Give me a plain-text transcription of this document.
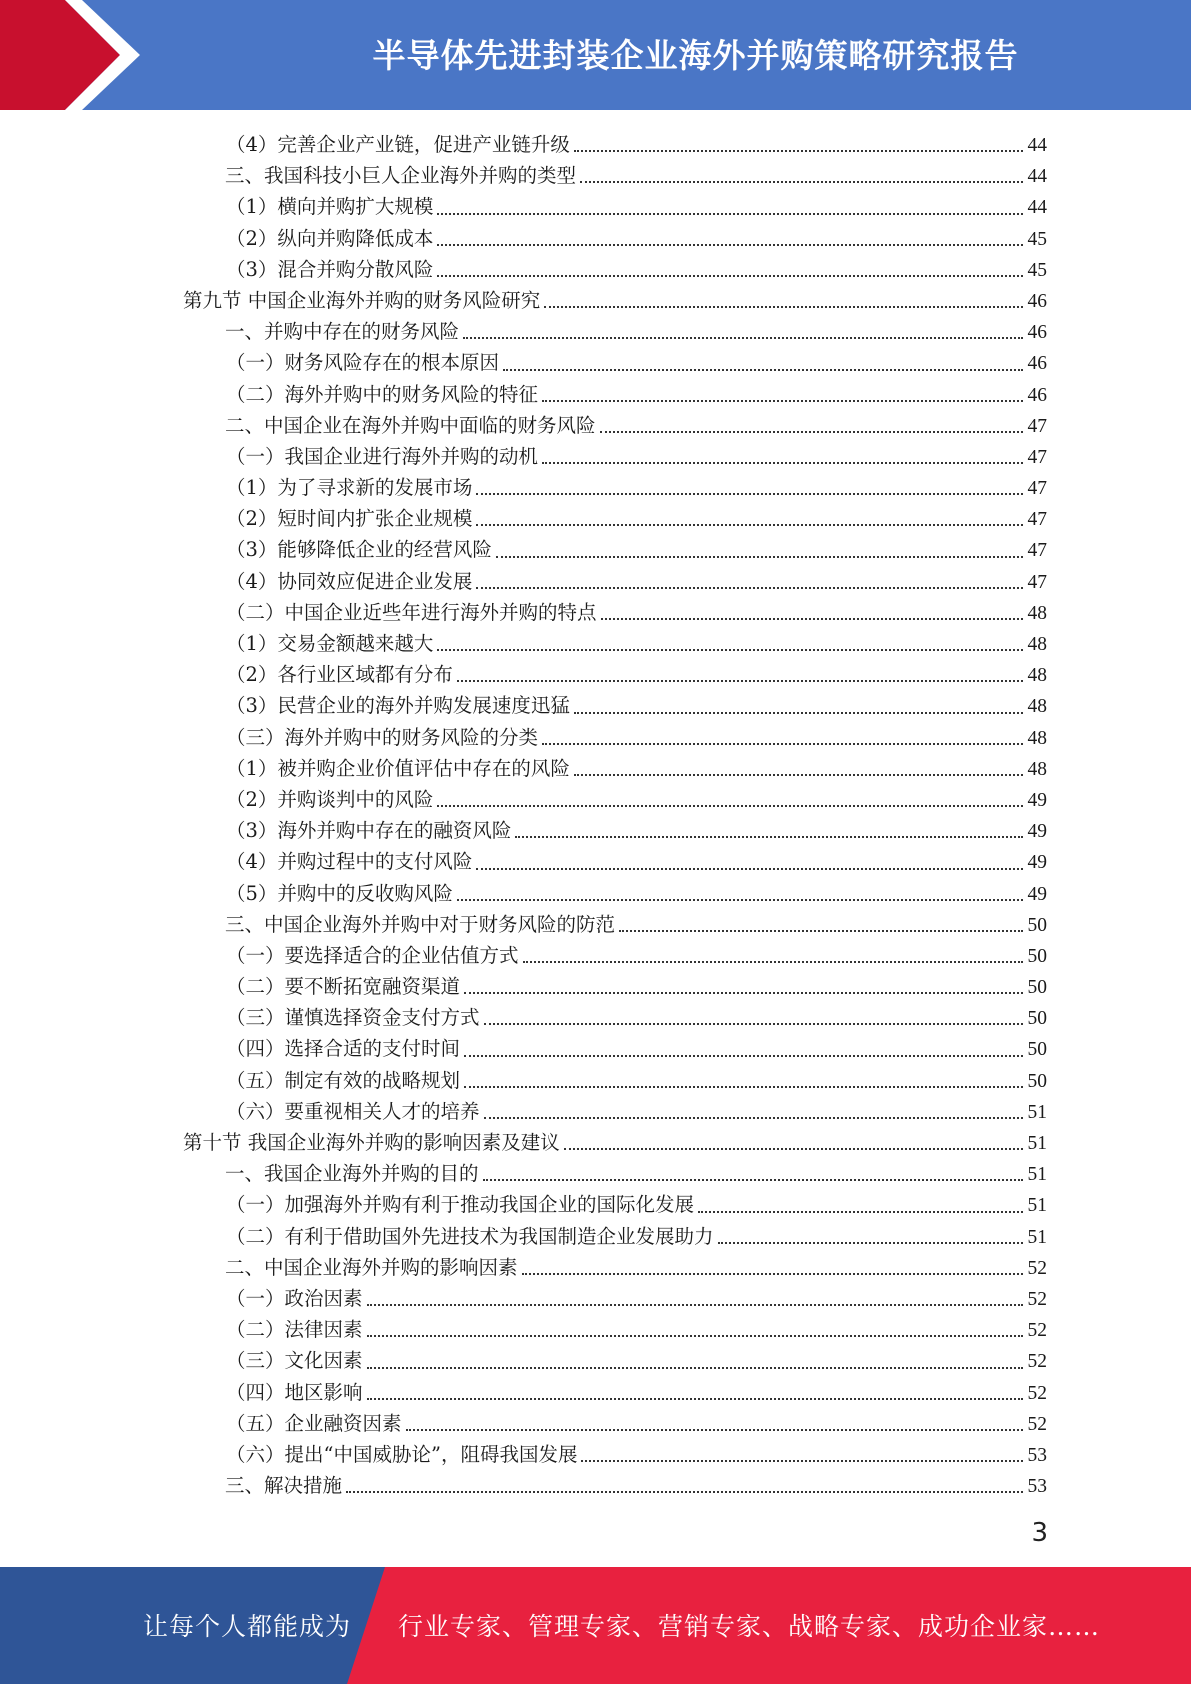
半导体先进封装企业海外并购策略研究报告
（4）完善企业产业链，促进产业链升级	44
三、我国科技小巨人企业海外并购的类型	44
（1）横向并购扩大规模	44
（2）纵向并购降低成本	45
（3）混合并购分散风险	45
第九节 中国企业海外并购的财务风险研究	46
一、并购中存在的财务风险	46
（一）财务风险存在的根本原因	46
（二）海外并购中的财务风险的特征	46
二、中国企业在海外并购中面临的财务风险	47
（一）我国企业进行海外并购的动机	47
（1）为了寻求新的发展市场	47
（2）短时间内扩张企业规模	47
（3）能够降低企业的经营风险	47
（4）协同效应促进企业发展	47
（二）中国企业近些年进行海外并购的特点	48
（1）交易金额越来越大	48
（2）各行业区域都有分布	48
（3）民营企业的海外并购发展速度迅猛	48
（三）海外并购中的财务风险的分类	48
（1）被并购企业价值评估中存在的风险	48
（2）并购谈判中的风险	49
（3）海外并购中存在的融资风险	49
（4）并购过程中的支付风险	49
（5）并购中的反收购风险	49
三、中国企业海外并购中对于财务风险的防范	50
（一）要选择适合的企业估值方式	50
（二）要不断拓宽融资渠道	50
（三）谨慎选择资金支付方式	50
（四）选择合适的支付时间	50
（五）制定有效的战略规划	50
（六）要重视相关人才的培养	51
第十节 我国企业海外并购的影响因素及建议	51
一、我国企业海外并购的目的	51
（一）加强海外并购有利于推动我国企业的国际化发展	51
（二）有利于借助国外先进技术为我国制造企业发展助力	51
二、中国企业海外并购的影响因素	52
（一）政治因素	52
（二）法律因素	52
（三）文化因素	52
（四）地区影响	52
（五）企业融资因素	52
（六）提出“中国威胁论”，阻碍我国发展	53
三、解决措施	53
3
让每个人都能成为 行业专家、管理专家、营销专家、战略专家、成功企业家……
